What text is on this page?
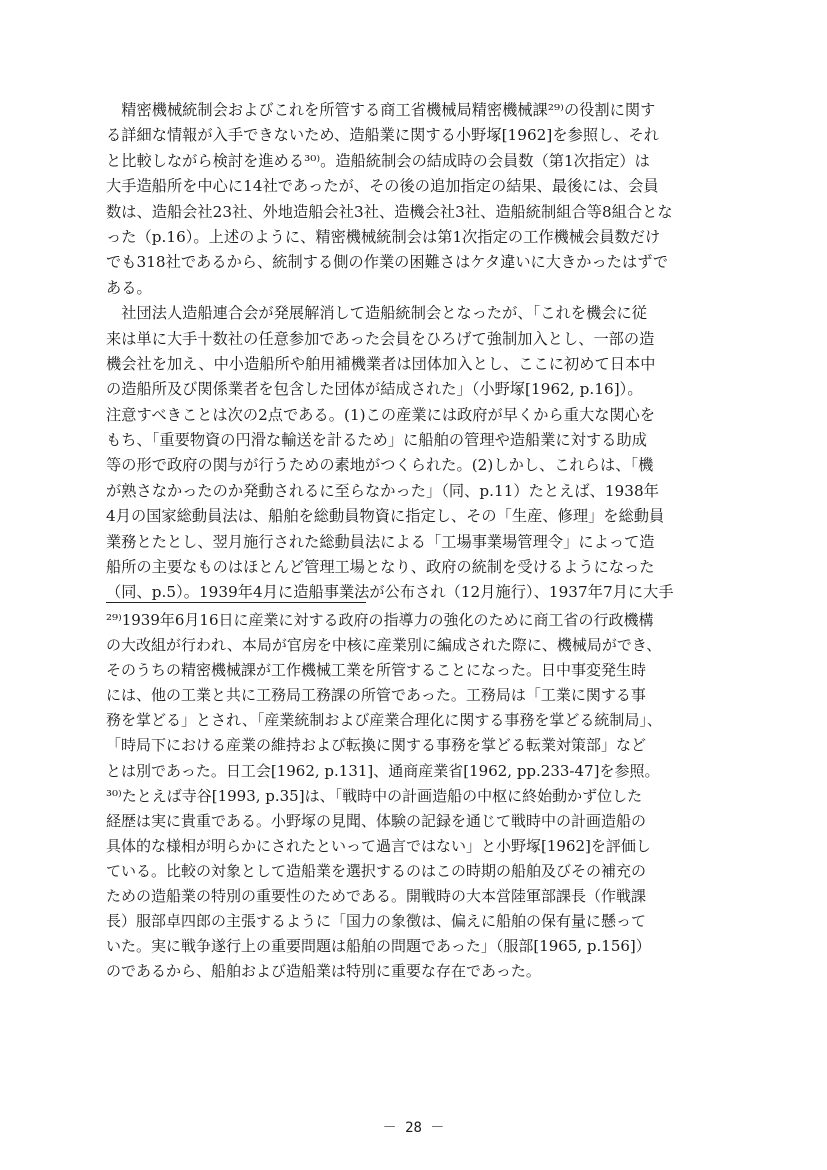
　精密機械統制会およびこれを所管する商工省機械局精密機械課²⁹⁾の役割に関す
る詳細な情報が入手できないため、造船業に関する小野塚[1962]を参照し、それ
と比較しながら検討を進める³⁰⁾。造船統制会の結成時の会員数（第1次指定）は
大手造船所を中心に14社であったが、その後の追加指定の結果、最後には、会員
数は、造船会社23社、外地造船会社3社、造機会社3社、造船統制組合等8組合とな
った（p.16）。上述のように、精密機械統制会は第1次指定の工作機械会員数だけ
でも318社であるから、統制する側の作業の困難さはケタ違いに大きかったはずで
ある。
　社団法人造船連合会が発展解消して造船統制会となったが、「これを機会に従
来は単に大手十数社の任意参加であった会員をひろげて強制加入とし、一部の造
機会社を加え、中小造船所や舶用補機業者は団体加入とし、ここに初めて日本中
の造船所及び関係業者を包含した団体が結成された」（小野塚[1962, p.16]）。
注意すべきことは次の2点である。(1)この産業には政府が早くから重大な関心を
もち、「重要物資の円滑な輸送を計るため」に船舶の管理や造船業に対する助成
等の形で政府の関与が行うための素地がつくられた。(2)しかし、これらは、「機
が熟さなかったのか発動されるに至らなかった」（同、p.11）たとえば、1938年
4月の国家総動員法は、船舶を総動員物資に指定し、その「生産、修理」を総動員
業務とたとし、翌月施行された総動員法による「工場事業場管理令」によって造
船所の主要なものはほとんど管理工場となり、政府の統制を受けるようになった
（同、p.5）。1939年4月に造船事業法が公布され（12月施行）、1937年7月に大手
²⁹⁾1939年6月16日に産業に対する政府の指導力の強化のために商工省の行政機構
の大改組が行われ、本局が官房を中核に産業別に編成された際に、機械局ができ、
そのうちの精密機械課が工作機械工業を所管することになった。日中事変発生時
には、他の工業と共に工務局工務課の所管であった。工務局は「工業に関する事
務を掌どる」とされ、「産業統制および産業合理化に関する事務を掌どる統制局」、
「時局下における産業の維持および転換に関する事務を掌どる転業対策部」など
とは別であった。日工会[1962, p.131]、通商産業省[1962, pp.233-47]を参照。
³⁰⁾たとえば寺谷[1993, p.35]は、「戦時中の計画造船の中枢に終始動かず位した
経歴は実に貴重である。小野塚の見聞、体験の記録を通じて戦時中の計画造船の
具体的な様相が明らかにされたといって過言ではない」と小野塚[1962]を評価し
ている。比較の対象として造船業を選択するのはこの時期の船舶及びその補充の
ための造船業の特別の重要性のためである。開戦時の大本営陸軍部課長（作戦課
長）服部卓四郎の主張するように「国力の象徴は、偏えに船舶の保有量に懸って
いた。実に戦争遂行上の重要問題は船舶の問題であった」（服部[1965, p.156]）
のであるから、船舶および造船業は特別に重要な存在であった。
－ 28 －
